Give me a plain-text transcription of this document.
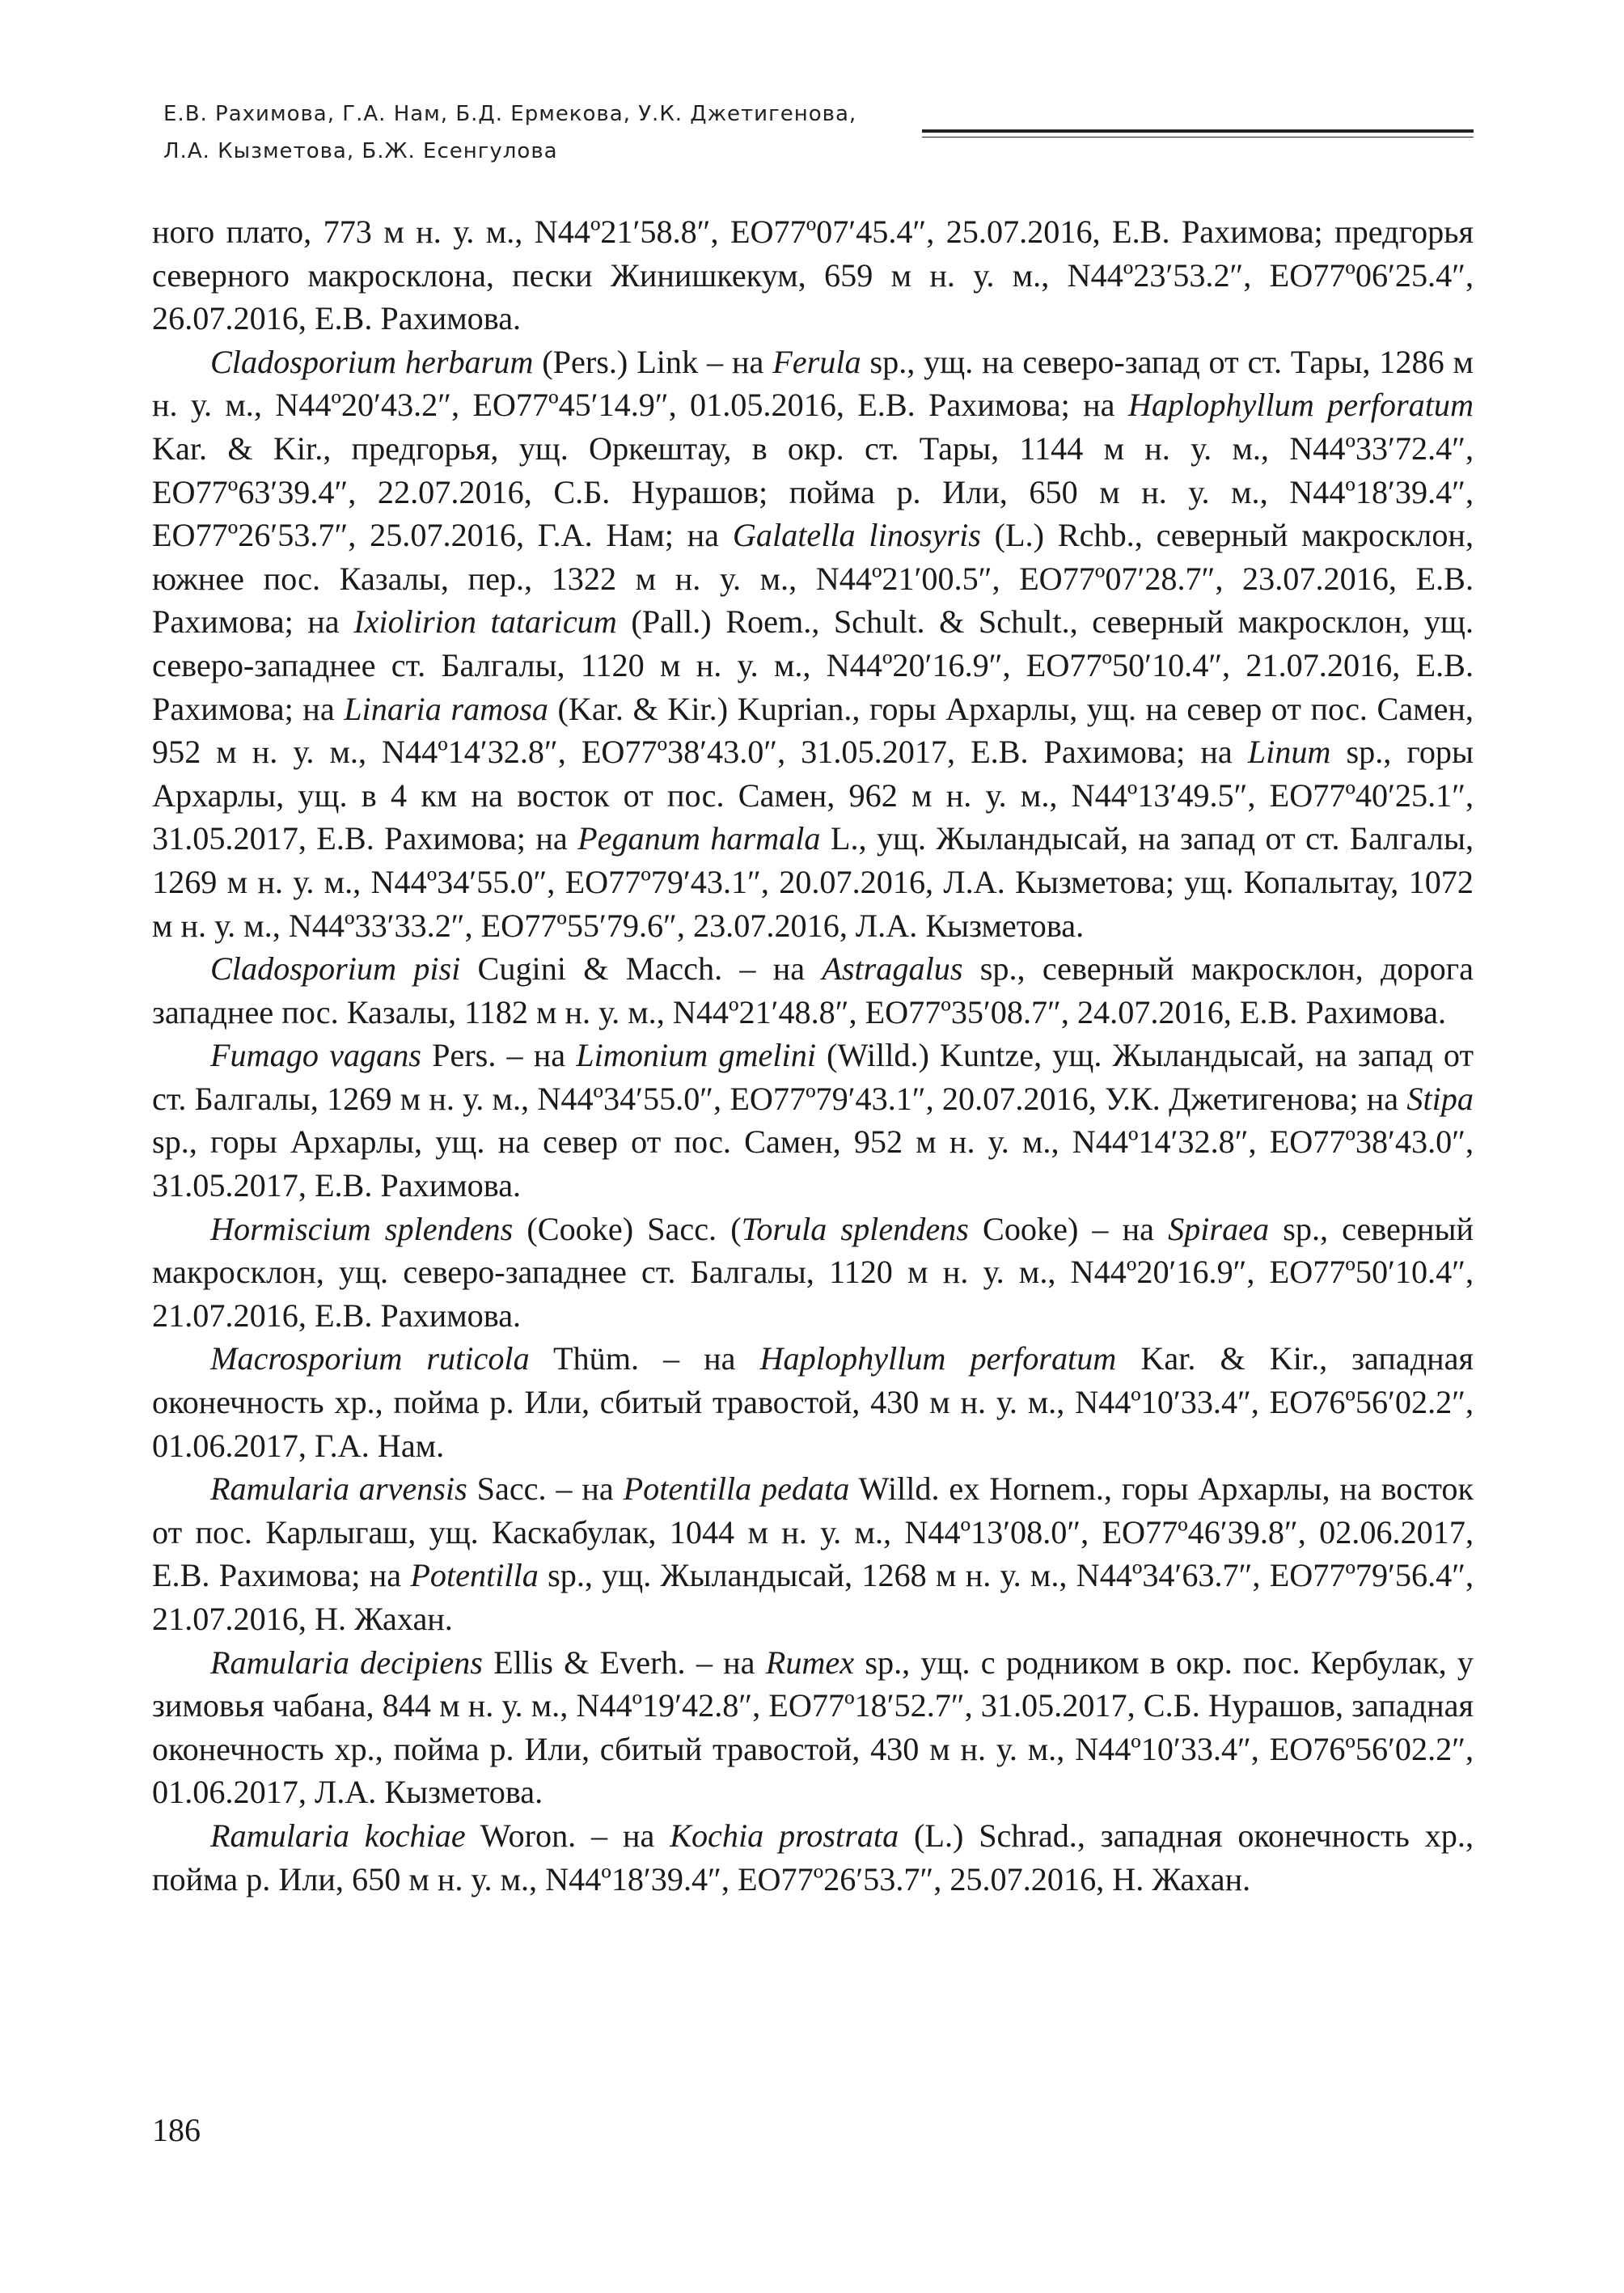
Е.В. Рахимова, Г.А. Нам, Б.Д. Ермекова, У.К. Джетигенова,
Л.А. Кызметова, Б.Ж. Есенгулова

ного плато, 773 м н. у. м., N44º21′58.8″, EO77º07′45.4″, 25.07.2016, Е.В. Рахимова; предгорья северного макросклона, пески Жинишкекум, 659 м н. у. м., N44º23′53.2″, EO77º06′25.4″, 26.07.2016, Е.В. Рахимова.

Cladosporium herbarum (Pers.) Link – на Ferula sp., ущ. на северо-запад от ст. Тары, 1286 м н. у. м., N44º20′43.2″, EO77º45′14.9″, 01.05.2016, Е.В. Рахимова; на Haplophyllum perforatum Kar. & Kir., предгорья, ущ. Оркештау, в окр. ст. Тары, 1144 м н. у. м., N44º33′72.4″, EO77º63′39.4″, 22.07.2016, С.Б. Нурашов; пойма р. Или, 650 м н. у. м., N44º18′39.4″, EO77º26′53.7″, 25.07.2016, Г.А. Нам; на Galatella linosyris (L.) Rchb., северный макросклон, южнее пос. Казалы, пер., 1322 м н. у. м., N44º21′00.5″, EO77º07′28.7″, 23.07.2016, Е.В. Рахимова; на Ixiolirion tataricum (Pall.) Roem., Schult. & Schult., северный макросклон, ущ. северо-западнее ст. Балгалы, 1120 м н. у. м., N44º20′16.9″, EO77º50′10.4″, 21.07.2016, Е.В. Рахимова; на Linaria ramosa (Kar. & Kir.) Kuprian., горы Архарлы, ущ. на север от пос. Самен, 952 м н. у. м., N44º14′32.8″, EO77º38′43.0″, 31.05.2017, Е.В. Рахимова; на Linum sp., горы Архарлы, ущ. в 4 км на восток от пос. Самен, 962 м н. у. м., N44º13′49.5″, EO77º40′25.1″, 31.05.2017, Е.В. Рахимова; на Peganum harmala L., ущ. Жыландысай, на запад от ст. Балгалы, 1269 м н. у. м., N44º34′55.0″, EO77º79′43.1″, 20.07.2016, Л.А. Кызметова; ущ. Копалытау, 1072 м н. у. м., N44º33′33.2″, EO77º55′79.6″, 23.07.2016, Л.А. Кызметова.

Cladosporium pisi Cugini & Macch. – на Astragalus sp., северный макросклон, дорога западнее пос. Казалы, 1182 м н. у. м., N44º21′48.8″, EO77º35′08.7″, 24.07.2016, Е.В. Рахимова.

Fumago vagans Pers. – на Limonium gmelini (Willd.) Kuntze, ущ. Жыландысай, на запад от ст. Балгалы, 1269 м н. у. м., N44º34′55.0″, EO77º79′43.1″, 20.07.2016, У.К. Джетигенова; на Stipa sp., горы Архарлы, ущ. на север от пос. Самен, 952 м н. у. м., N44º14′32.8″, EO77º38′43.0″, 31.05.2017, Е.В. Рахимова.

Hormiscium splendens (Cooke) Sacc. (Torula splendens Cooke) – на Spiraea sp., северный макросклон, ущ. северо-западнее ст. Балгалы, 1120 м н. у. м., N44º20′16.9″, EO77º50′10.4″, 21.07.2016, Е.В. Рахимова.

Macrosporium ruticola Thüm. – на Haplophyllum perforatum Kar. & Kir., западная оконечность хр., пойма р. Или, сбитый травостой, 430 м н. у. м., N44º10′33.4″, EO76º56′02.2″, 01.06.2017, Г.А. Нам.

Ramularia arvensis Sacc. – на Potentilla pedata Willd. ex Hornem., горы Архарлы, на восток от пос. Карлыгаш, ущ. Каскабулак, 1044 м н. у. м., N44º13′08.0″, EO77º46′39.8″, 02.06.2017, Е.В. Рахимова; на Potentilla sp., ущ. Жыландысай, 1268 м н. у. м., N44º34′63.7″, EO77º79′56.4″, 21.07.2016, Н. Жахан.

Ramularia decipiens Ellis & Everh. – на Rumex sp., ущ. с родником в окр. пос. Кербулак, у зимовья чабана, 844 м н. у. м., N44º19′42.8″, EO77º18′52.7″, 31.05.2017, С.Б. Нурашов, западная оконечность хр., пойма р. Или, сбитый травостой, 430 м н. у. м., N44º10′33.4″, EO76º56′02.2″, 01.06.2017, Л.А. Кызметова.

Ramularia kochiae Woron. – на Kochia prostrata (L.) Schrad., западная оконечность хр., пойма р. Или, 650 м н. у. м., N44º18′39.4″, EO77º26′53.7″, 25.07.2016, Н. Жахан.

186
